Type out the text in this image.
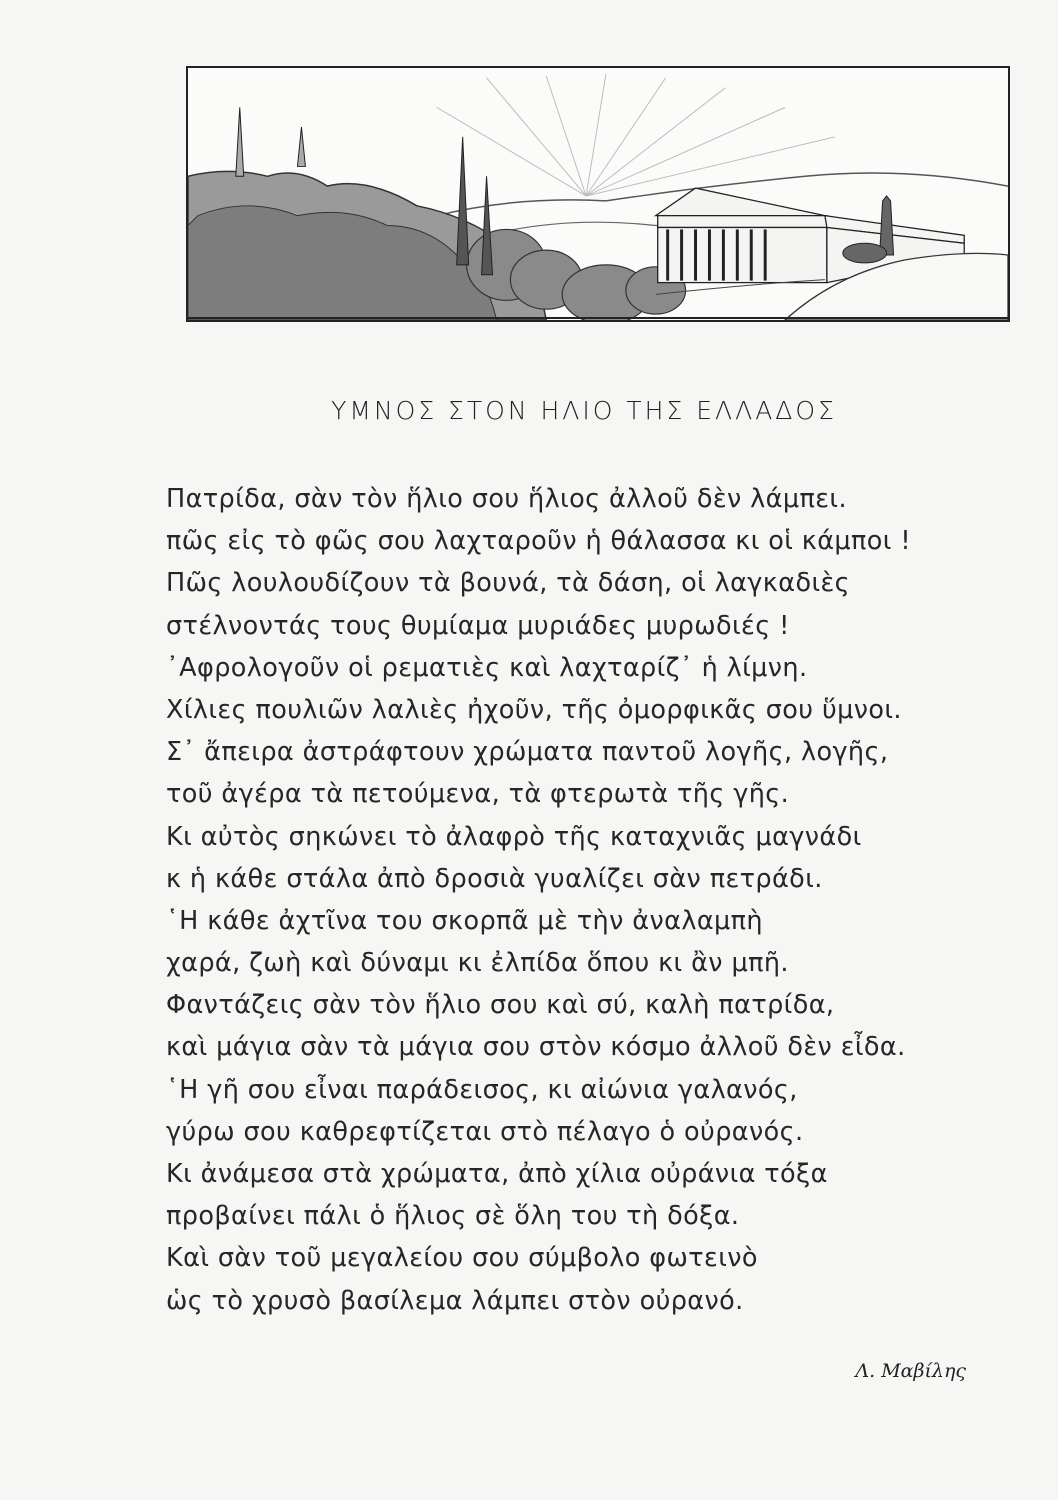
ΥΜΝΟΣ ΣΤΟΝ ΗΛΙΟ ΤΗΣ ΕΛΛΑΔΟΣ
Πατρίδα, σὰν τὸν ἥλιο σου ἥλιος ἀλλοῦ δὲν λάμπει.
πῶς εἰς τὸ φῶς σου λαχταροῦν ἡ θάλασσα κι οἱ κάμποι !
Πῶς λουλουδίζουν τὰ βουνά, τὰ δάση, οἱ λαγκαδιὲς
στέλνοντάς τους θυμίαμα μυριάδες μυρωδιές !
᾿Αφρολογοῦν οἱ ρεματιὲς καὶ λαχταρίζ᾿ ἡ λίμνη.
Χίλιες πουλιῶν λαλιὲς ἠχοῦν, τῆς ὀμορφικᾶς σου ὕμνοι.
Σ᾿ ἄπειρα ἀστράφτουν χρώματα παντοῦ λογῆς, λογῆς,
τοῦ ἀγέρα τὰ πετούμενα, τὰ φτερωτὰ τῆς γῆς.
Κι αὐτὸς σηκώνει τὸ ἀλαφρὸ τῆς καταχνιᾶς μαγνάδι
κ ἡ κάθε στάλα ἀπὸ δροσιὰ γυαλίζει σὰν πετράδι.
῾Η κάθε ἀχτῖνα του σκορπᾶ μὲ τὴν ἀναλαμπὴ
χαρά, ζωὴ καὶ δύναμι κι ἐλπίδα ὅπου κι ἂν μπῆ.
Φαντάζεις σὰν τὸν ἥλιο σου καὶ σύ, καλὴ πατρίδα,
καὶ μάγια σὰν τὰ μάγια σου στὸν κόσμο ἀλλοῦ δὲν εἶδα.
῾Η γῆ σου εἶναι παράδεισος, κι αἰώνια γαλανός,
γύρω σου καθρεφτίζεται στὸ πέλαγο ὁ οὐρανός.
Κι ἀνάμεσα στὰ χρώματα, ἀπὸ χίλια οὐράνια τόξα
προβαίνει πάλι ὁ ἥλιος σὲ ὅλη του τὴ δόξα.
Καὶ σὰν τοῦ μεγαλείου σου σύμβολο φωτεινὸ
ὡς τὸ χρυσὸ βασίλεμα λάμπει στὸν οὐρανό.
Λ. Μαβίλης
